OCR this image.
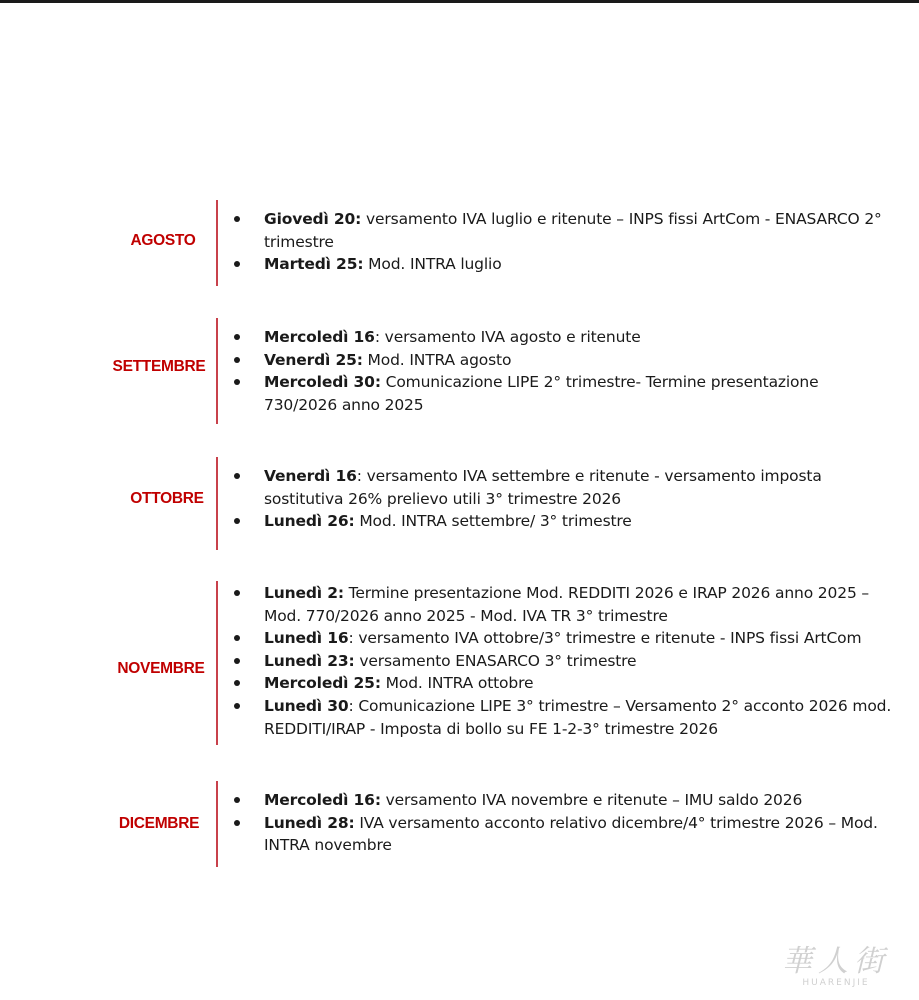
AGOSTO
Giovedì 20: versamento IVA luglio e ritenute – INPS fissi ArtCom - ENASARCO 2° trimestre
Martedì 25: Mod. INTRA luglio
SETTEMBRE
Mercoledì 16: versamento IVA agosto e ritenute
Venerdì 25: Mod. INTRA agosto
Mercoledì 30: Comunicazione LIPE 2° trimestre- Termine presentazione 730/2026 anno 2025
OTTOBRE
Venerdì 16: versamento IVA settembre e ritenute - versamento imposta sostitutiva 26% prelievo utili 3° trimestre 2026
Lunedì 26: Mod. INTRA settembre/ 3° trimestre
NOVEMBRE
Lunedì 2: Termine presentazione Mod. REDDITI 2026 e IRAP 2026 anno 2025 – Mod. 770/2026 anno 2025 - Mod. IVA TR 3° trimestre
Lunedì 16: versamento IVA ottobre/3° trimestre e ritenute - INPS fissi ArtCom
Lunedì 23: versamento ENASARCO 3° trimestre
Mercoledì 25: Mod. INTRA ottobre
Lunedì 30: Comunicazione LIPE 3° trimestre – Versamento 2° acconto 2026 mod. REDDITI/IRAP - Imposta di bollo su FE 1-2-3° trimestre 2026
DICEMBRE
Mercoledì 16: versamento IVA novembre e ritenute – IMU saldo 2026
Lunedì 28: IVA versamento acconto relativo dicembre/4° trimestre 2026 – Mod. INTRA novembre
華人街
HUARENJIE
